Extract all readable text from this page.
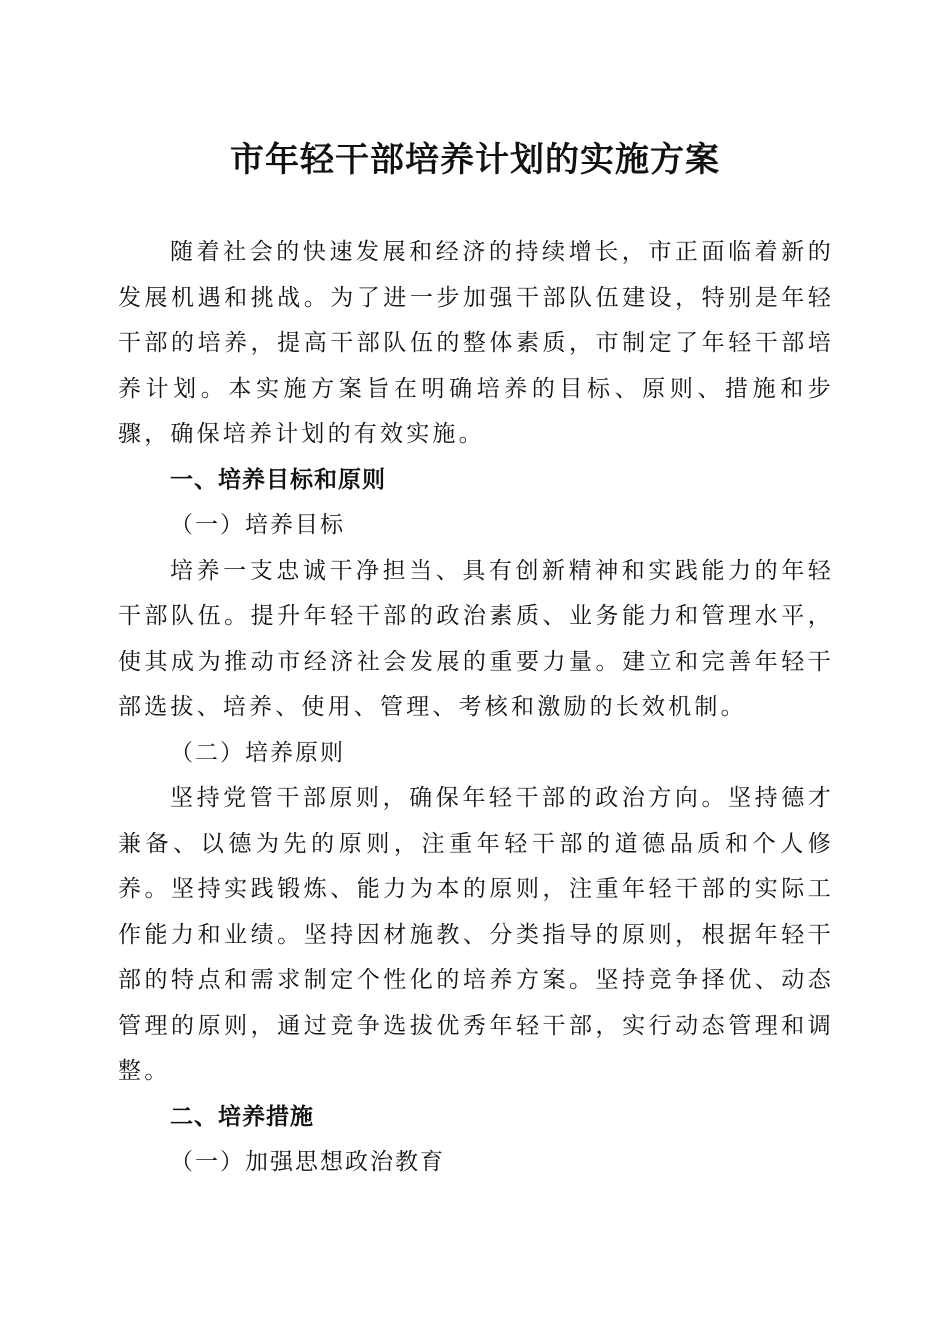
市年轻干部培养计划的实施方案

随着社会的快速发展和经济的持续增长，市正面临着新的发展机遇和挑战。为了进一步加强干部队伍建设，特别是年轻干部的培养，提高干部队伍的整体素质，市制定了年轻干部培养计划。本实施方案旨在明确培养的目标、原则、措施和步骤，确保培养计划的有效实施。

一、培养目标和原则

（一）培养目标

培养一支忠诚干净担当、具有创新精神和实践能力的年轻干部队伍。提升年轻干部的政治素质、业务能力和管理水平，使其成为推动市经济社会发展的重要力量。建立和完善年轻干部选拔、培养、使用、管理、考核和激励的长效机制。

（二）培养原则

坚持党管干部原则，确保年轻干部的政治方向。坚持德才兼备、以德为先的原则，注重年轻干部的道德品质和个人修养。坚持实践锻炼、能力为本的原则，注重年轻干部的实际工作能力和业绩。坚持因材施教、分类指导的原则，根据年轻干部的特点和需求制定个性化的培养方案。坚持竞争择优、动态管理的原则，通过竞争选拔优秀年轻干部，实行动态管理和调整。

二、培养措施

（一）加强思想政治教育
